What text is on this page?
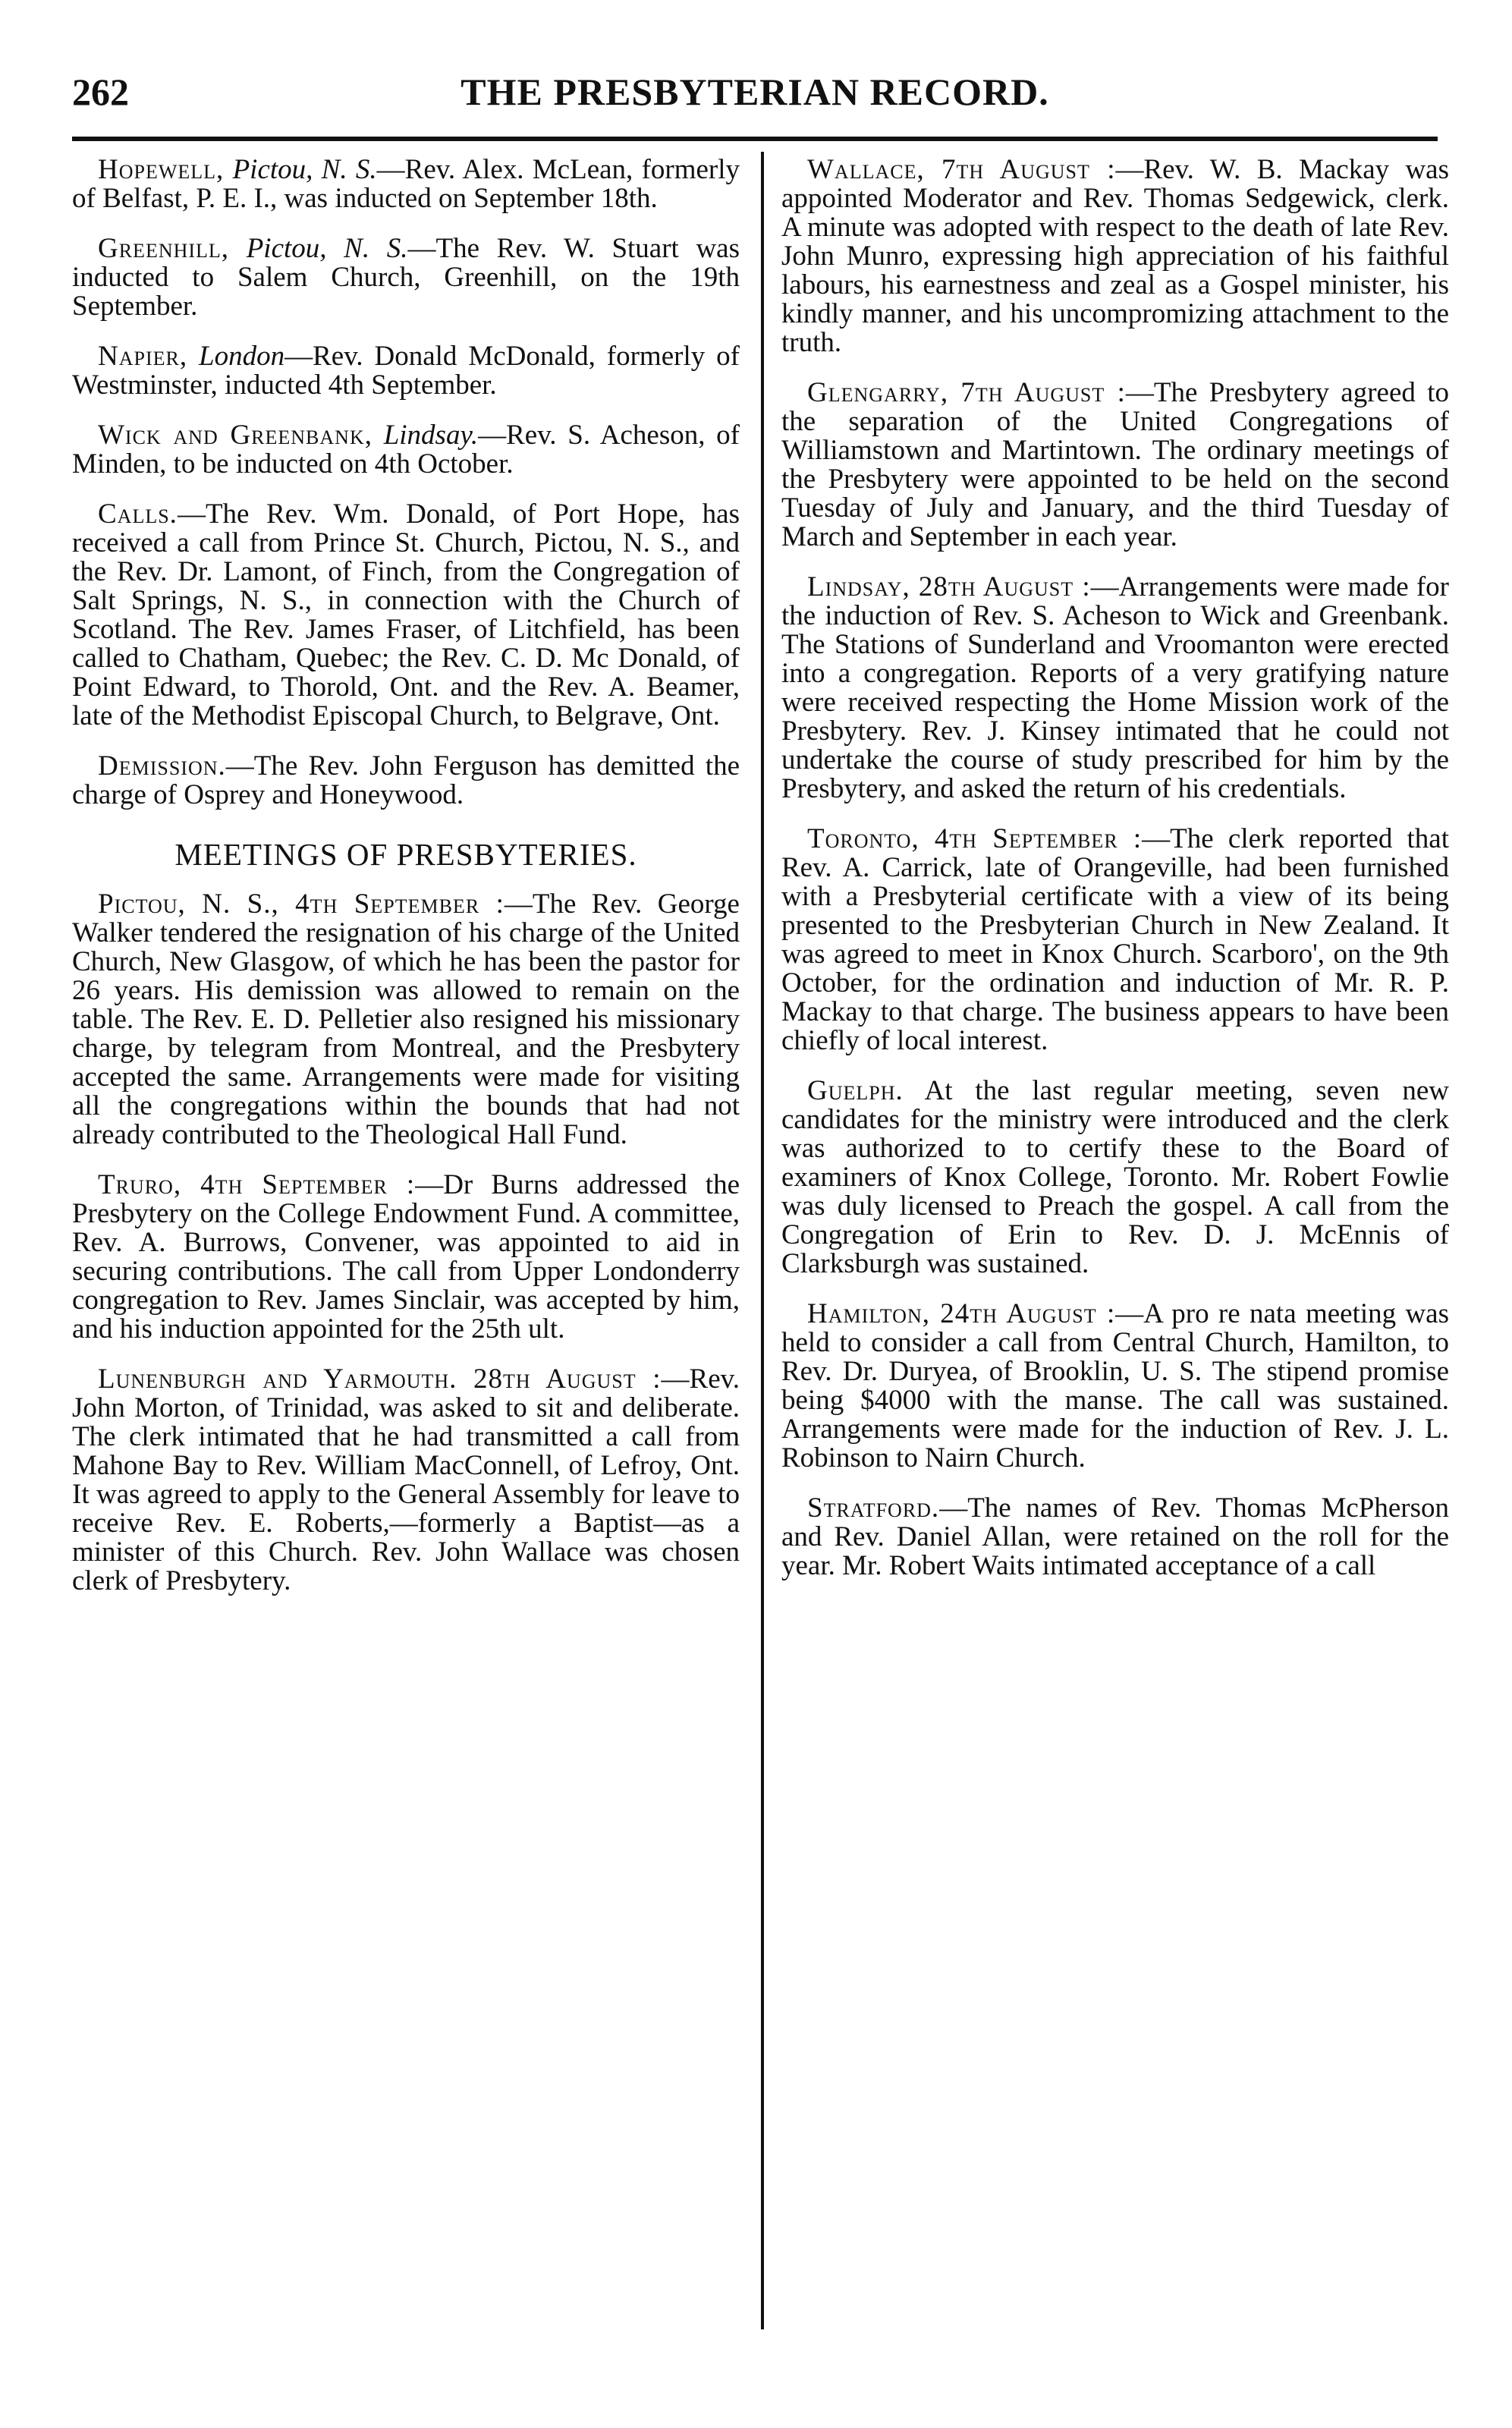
262	THE PRESBYTERIAN RECORD.

Hopewell, Pictou, N. S.—Rev. Alex. McLean, formerly of Belfast, P. E. I., was inducted on September 18th.

Greenhill, Pictou, N. S.—The Rev. W. Stuart was inducted to Salem Church, Greenhill, on the 19th September.

Napier, London—Rev. Donald McDonald, formerly of Westminster, inducted 4th September.

Wick and Greenbank, Lindsay.—Rev. S. Acheson, of Minden, to be inducted on 4th October.

Calls.—The Rev. Wm. Donald, of Port Hope, has received a call from Prince St. Church, Pictou, N. S., and the Rev. Dr. Lamont, of Finch, from the Congregation of Salt Springs, N. S., in connection with the Church of Scotland. The Rev. James Fraser, of Litchfield, has been called to Chatham, Quebec; the Rev. C. D. Mc Donald, of Point Edward, to Thorold, Ont. and the Rev. A. Beamer, late of the Methodist Episcopal Church, to Belgrave, Ont.

Demission.—The Rev. John Ferguson has demitted the charge of Osprey and Honeywood.

MEETINGS OF PRESBYTERIES.

Pictou, N. S., 4th September :—The Rev. George Walker tendered the resignation of his charge of the United Church, New Glasgow, of which he has been the pastor for 26 years. His demission was allowed to remain on the table. The Rev. E. D. Pelletier also resigned his missionary charge, by telegram from Montreal, and the Presbytery accepted the same. Arrangements were made for visiting all the congregations within the bounds that had not already contributed to the Theological Hall Fund.

Truro, 4th September :—Dr Burns addressed the Presbytery on the College Endowment Fund. A committee, Rev. A. Burrows, Convener, was appointed to aid in securing contributions. The call from Upper Londonderry congregation to Rev. James Sinclair, was accepted by him, and his induction appointed for the 25th ult.

Lunenburgh and Yarmouth. 28th August :—Rev. John Morton, of Trinidad, was asked to sit and deliberate. The clerk intimated that he had transmitted a call from Mahone Bay to Rev. William MacConnell, of Lefroy, Ont. It was agreed to apply to the General Assembly for leave to receive Rev. E. Roberts,—formerly a Baptist—as a minister of this Church. Rev. John Wallace was chosen clerk of Presbytery.

Wallace, 7th August :—Rev. W. B. Mackay was appointed Moderator and Rev. Thomas Sedgewick, clerk. A minute was adopted with respect to the death of late Rev. John Munro, expressing high appreciation of his faithful labours, his earnestness and zeal as a Gospel minister, his kindly manner, and his uncompromizing attachment to the truth.

Glengarry, 7th August :—The Presbytery agreed to the separation of the United Congregations of Williamstown and Martintown. The ordinary meetings of the Presbytery were appointed to be held on the second Tuesday of July and January, and the third Tuesday of March and September in each year.

Lindsay, 28th August :—Arrangements were made for the induction of Rev. S. Acheson to Wick and Greenbank. The Stations of Sunderland and Vroomanton were erected into a congregation. Reports of a very gratifying nature were received respecting the Home Mission work of the Presbytery. Rev. J. Kinsey intimated that he could not undertake the course of study prescribed for him by the Presbytery, and asked the return of his credentials.

Toronto, 4th September :—The clerk reported that Rev. A. Carrick, late of Orangeville, had been furnished with a Presbyterial certificate with a view of its being presented to the Presbyterian Church in New Zealand. It was agreed to meet in Knox Church. Scarboro', on the 9th October, for the ordination and induction of Mr. R. P. Mackay to that charge. The business appears to have been chiefly of local interest.

Guelph. At the last regular meeting, seven new candidates for the ministry were introduced and the clerk was authorized to to certify these to the Board of examiners of Knox College, Toronto. Mr. Robert Fowlie was duly licensed to Preach the gospel. A call from the Congregation of Erin to Rev. D. J. McEnnis of Clarksburgh was sustained.

Hamilton, 24th August :—A pro re nata meeting was held to consider a call from Central Church, Hamilton, to Rev. Dr. Duryea, of Brooklin, U. S. The stipend promise being $4000 with the manse. The call was sustained. Arrangements were made for the induction of Rev. J. L. Robinson to Nairn Church.

Stratford.—The names of Rev. Thomas McPherson and Rev. Daniel Allan, were retained on the roll for the year. Mr. Robert Waits intimated acceptance of a call
